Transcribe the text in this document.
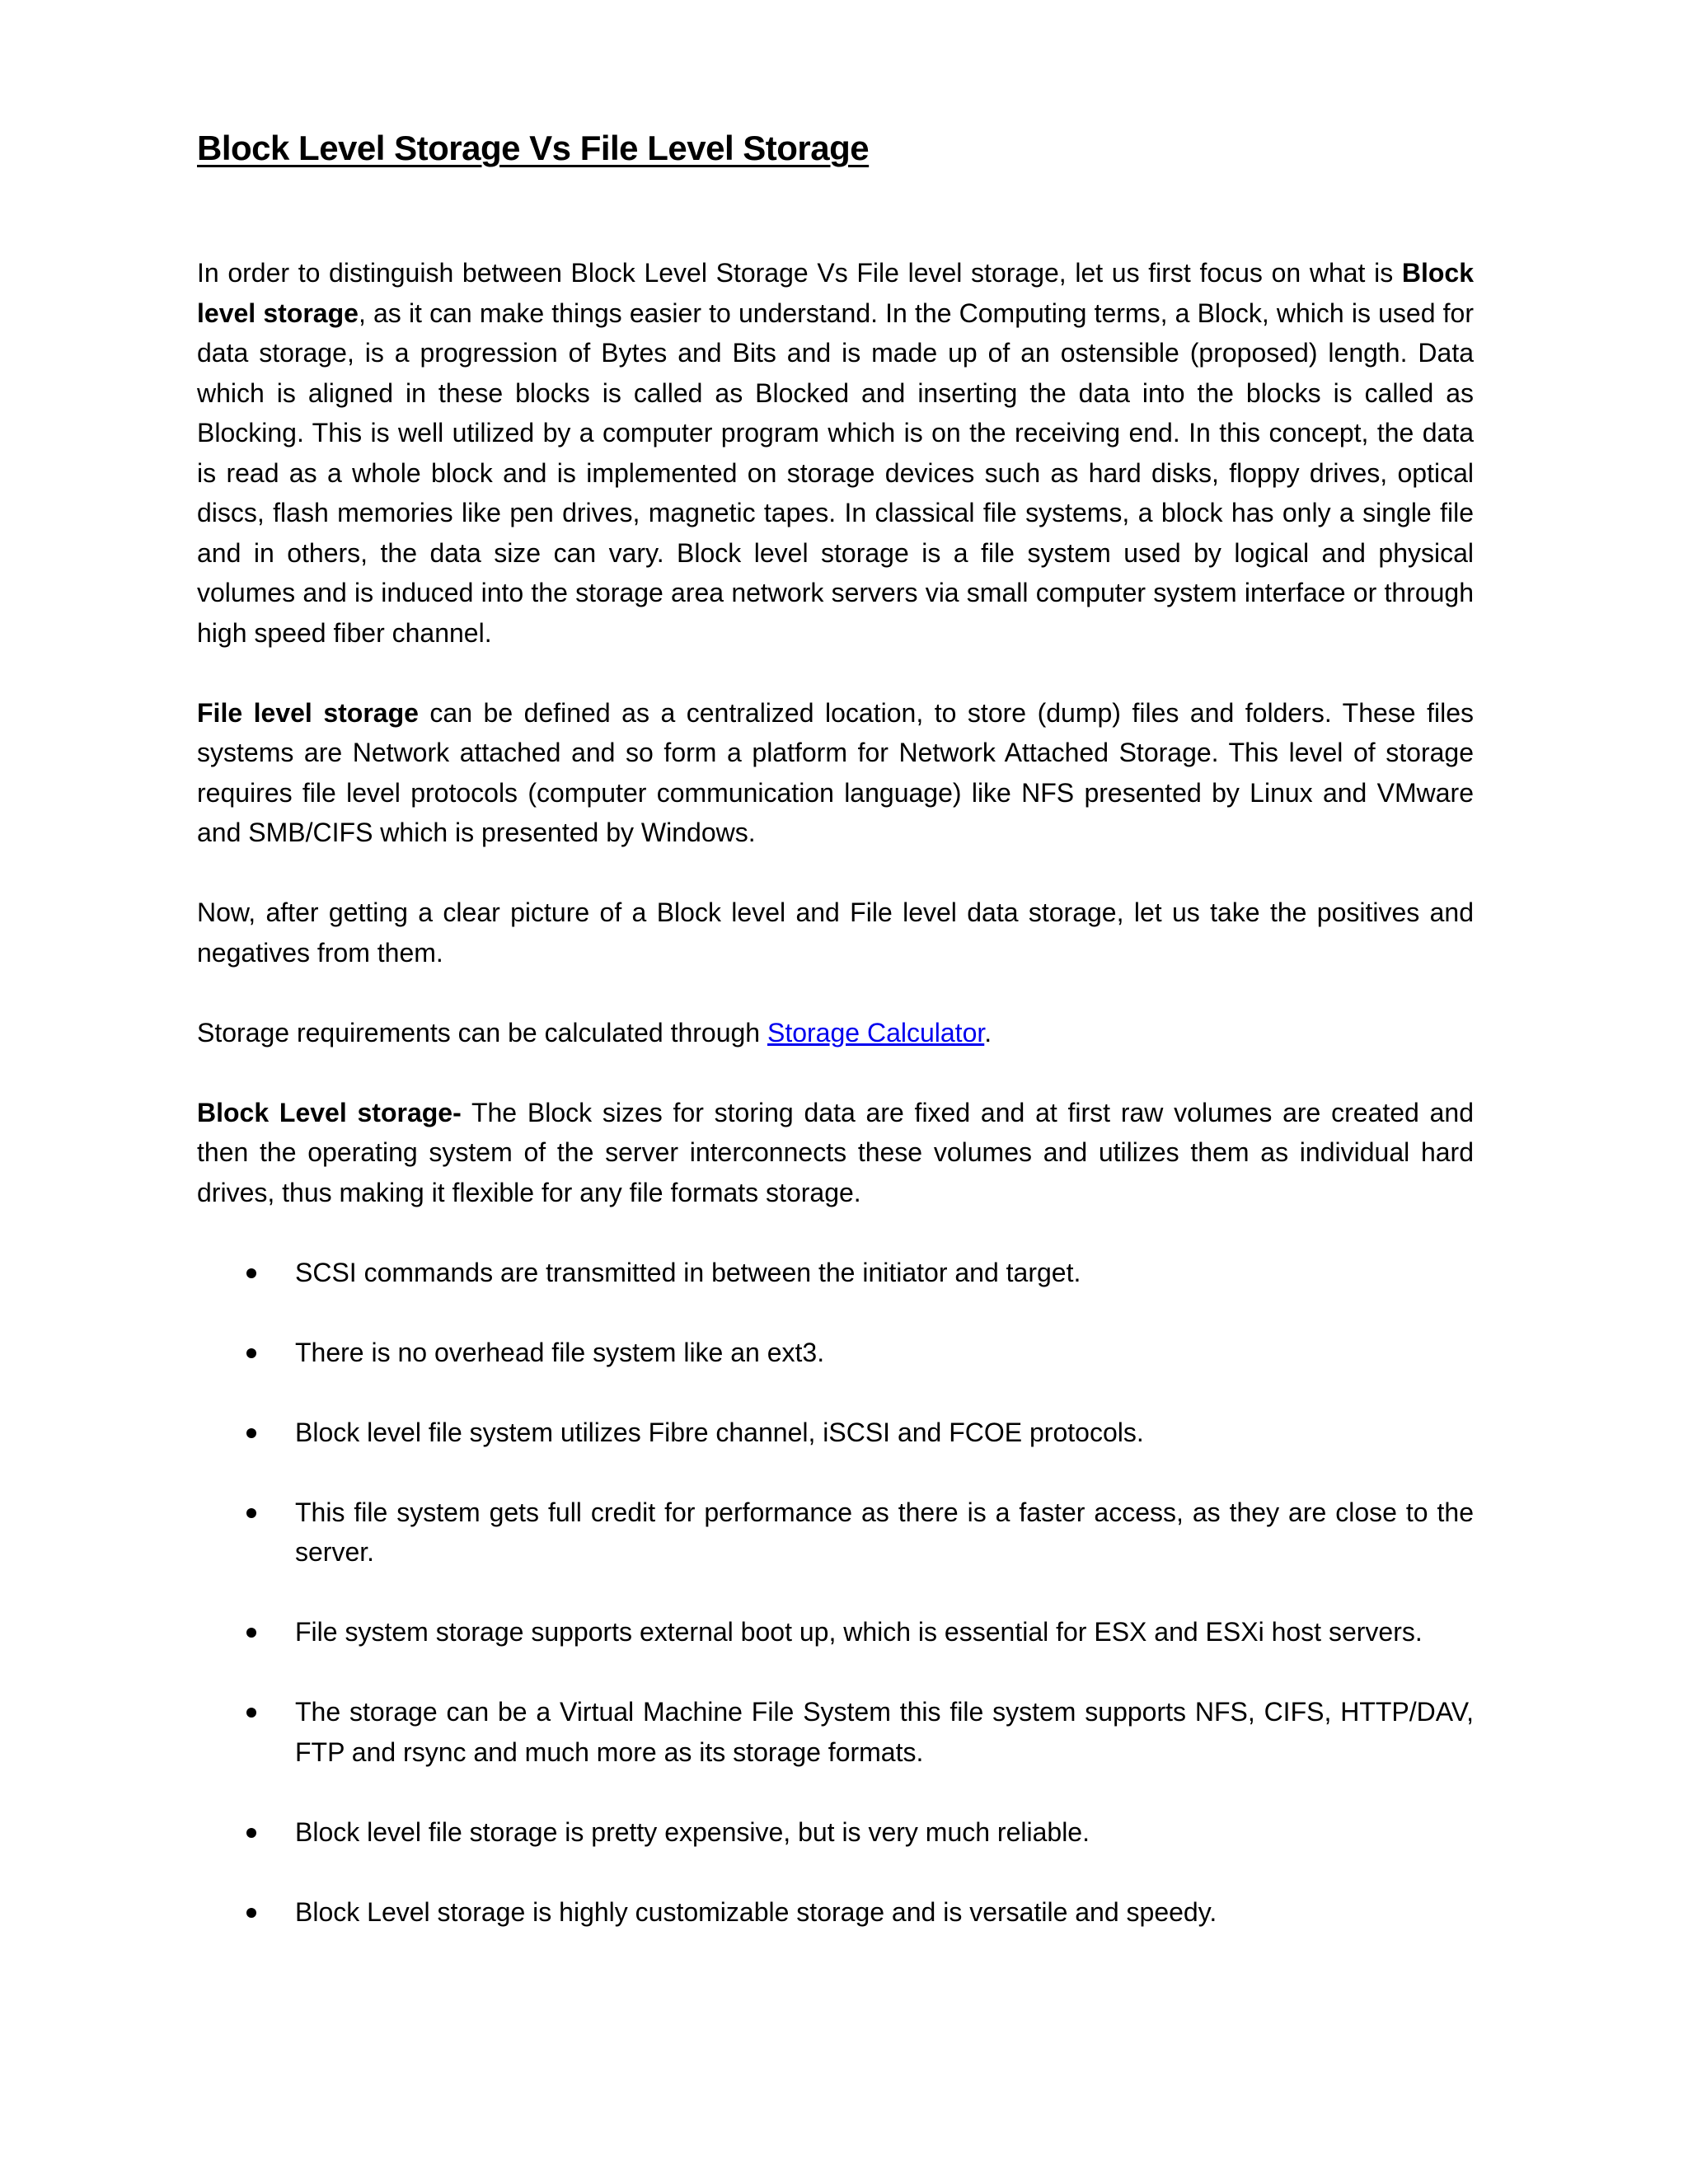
Block Level Storage Vs File Level Storage

In order to distinguish between Block Level Storage Vs File level storage, let us first focus on what is Block level storage, as it can make things easier to understand. In the Computing terms, a Block, which is used for data storage, is a progression of Bytes and Bits and is made up of an ostensible (proposed) length. Data which is aligned in these blocks is called as Blocked and inserting the data into the blocks is called as Blocking. This is well utilized by a computer program which is on the receiving end. In this concept, the data is read as a whole block and is implemented on storage devices such as hard disks, floppy drives, optical discs, flash memories like pen drives, magnetic tapes. In classical file systems, a block has only a single file and in others, the data size can vary. Block level storage is a file system used by logical and physical volumes and is induced into the storage area network servers via small computer system interface or through high speed fiber channel.

File level storage can be defined as a centralized location, to store (dump) files and folders. These files systems are Network attached and so form a platform for Network Attached Storage. This level of storage requires file level protocols (computer communication language) like NFS presented by Linux and VMware and SMB/CIFS which is presented by Windows.

Now, after getting a clear picture of a Block level and File level data storage, let us take the positives and negatives from them.

Storage requirements can be calculated through Storage Calculator.

Block Level storage- The Block sizes for storing data are fixed and at first raw volumes are created and then the operating system of the server interconnects these volumes and utilizes them as individual hard drives, thus making it flexible for any file formats storage.

SCSI commands are transmitted in between the initiator and target.
There is no overhead file system like an ext3.
Block level file system utilizes Fibre channel, iSCSI and FCOE protocols.
This file system gets full credit for performance as there is a faster access, as they are close to the server.
File system storage supports external boot up, which is essential for ESX and ESXi host servers.
The storage can be a Virtual Machine File System this file system supports NFS, CIFS, HTTP/DAV, FTP and rsync and much more as its storage formats.
Block level file storage is pretty expensive, but is very much reliable.
Block Level storage is highly customizable storage and is versatile and speedy.
